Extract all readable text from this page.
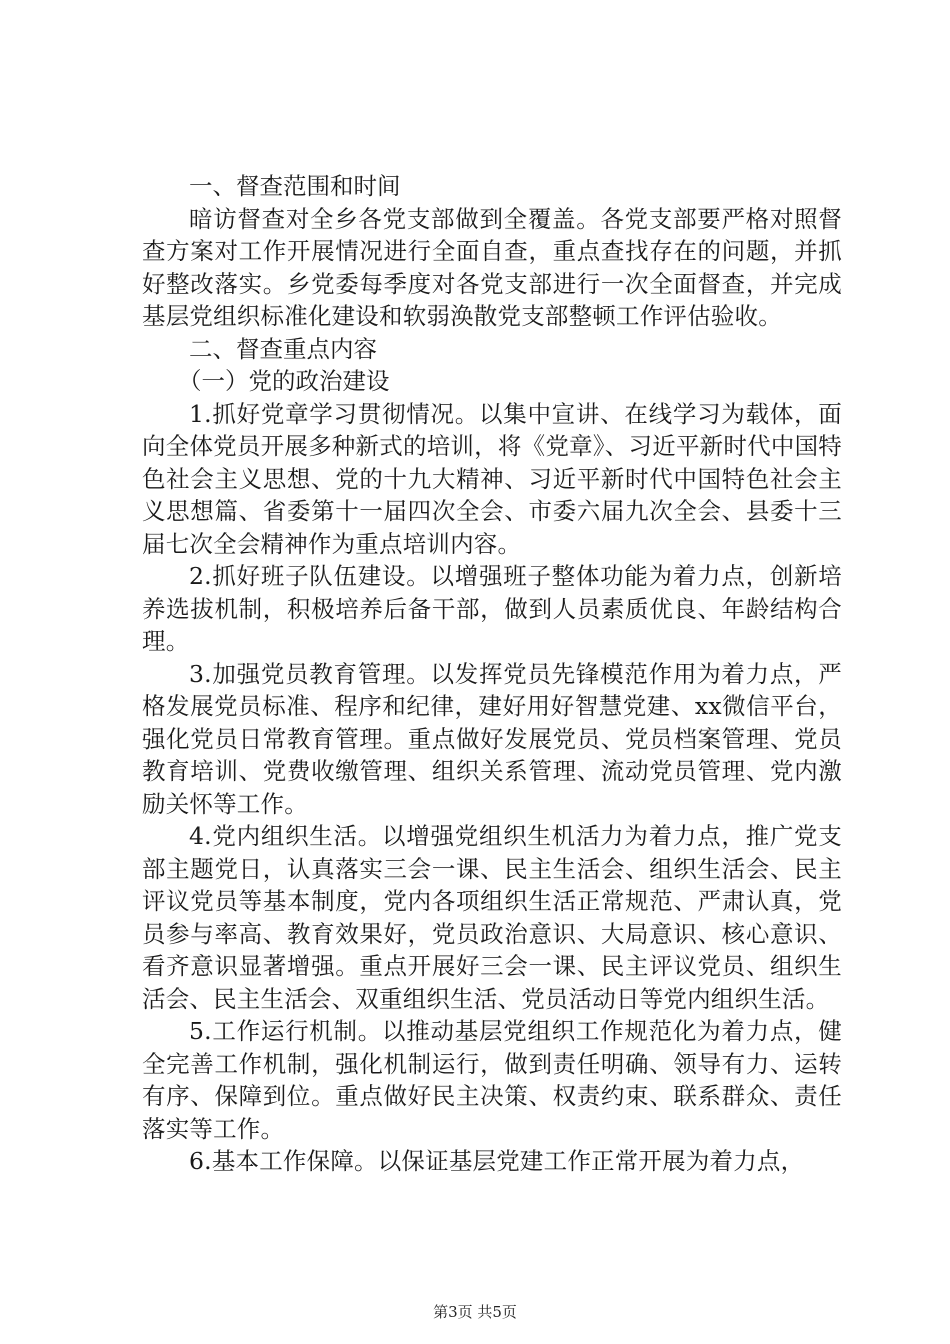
一、督查范围和时间

暗访督查对全乡各党支部做到全覆盖。各党支部要严格对照督查方案对工作开展情况进行全面自查，重点查找存在的问题，并抓好整改落实。乡党委每季度对各党支部进行一次全面督查，并完成基层党组织标准化建设和软弱涣散党支部整顿工作评估验收。

二、督查重点内容

（一）党的政治建设

1.抓好党章学习贯彻情况。以集中宣讲、在线学习为载体，面向全体党员开展多种新式的培训，将《党章》、习近平新时代中国特色社会主义思想、党的十九大精神、习近平新时代中国特色社会主义思想篇、省委第十一届四次全会、市委六届九次全会、县委十三届七次全会精神作为重点培训内容。

2.抓好班子队伍建设。以增强班子整体功能为着力点，创新培养选拔机制，积极培养后备干部，做到人员素质优良、年龄结构合理。

3.加强党员教育管理。以发挥党员先锋模范作用为着力点，严格发展党员标准、程序和纪律，建好用好智慧党建、xx微信平台，强化党员日常教育管理。重点做好发展党员、党员档案管理、党员教育培训、党费收缴管理、组织关系管理、流动党员管理、党内激励关怀等工作。

4.党内组织生活。以增强党组织生机活力为着力点，推广党支部主题党日，认真落实三会一课、民主生活会、组织生活会、民主评议党员等基本制度，党内各项组织生活正常规范、严肃认真，党员参与率高、教育效果好，党员政治意识、大局意识、核心意识、看齐意识显著增强。重点开展好三会一课、民主评议党员、组织生活会、民主生活会、双重组织生活、党员活动日等党内组织生活。

5.工作运行机制。以推动基层党组织工作规范化为着力点，健全完善工作机制，强化机制运行，做到责任明确、领导有力、运转有序、保障到位。重点做好民主决策、权责约束、联系群众、责任落实等工作。

6.基本工作保障。以保证基层党建工作正常开展为着力点，

第3页 共5页
